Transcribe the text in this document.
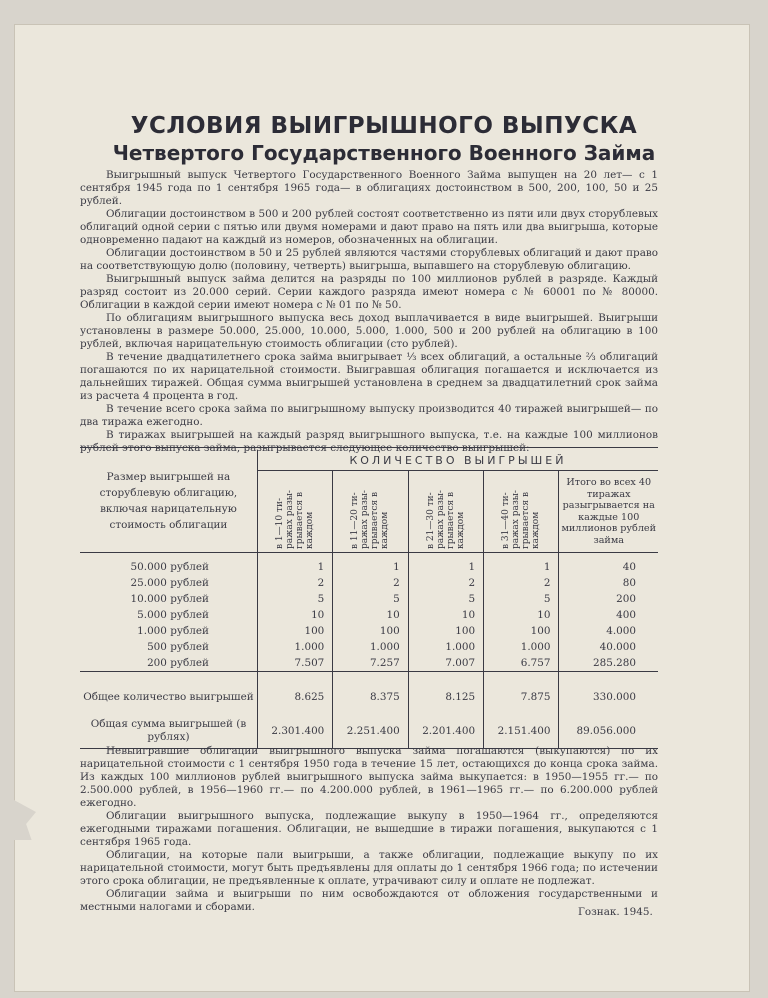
УСЛОВИЯ ВЫИГРЫШНОГО ВЫПУСКА
Четвертого Государственного Военного Займа

Выигрышный выпуск Четвертого Государственного Военного Займа выпущен на 20 лет— с 1 сентября 1945 года по 1 сентября 1965 года— в облигациях достоинством в 500, 200, 100, 50 и 25 рублей.

Облигации достоинством в 500 и 200 рублей состоят соответственно из пяти или двух сторублевых облигаций одной серии с пятью или двумя номерами и дают право на пять или два выигрыша, которые одновременно падают на каждый из номеров, обозначенных на облигации.

Облигации достоинством в 50 и 25 рублей являются частями сторублевых облигаций и дают право на соответствующую долю (половину, четверть) выигрыша, выпавшего на сторублевую облигацию.

Выигрышный выпуск займа делится на разряды по 100 миллионов рублей в разряде. Каждый разряд состоит из 20.000 серий. Серии каждого разряда имеют номера с № 60001 по № 80000. Облигации в каждой серии имеют номера с № 01 по № 50.

По облигациям выигрышного выпуска весь доход выплачивается в виде выигрышей. Выигрыши установлены в размере 50.000, 25.000, 10.000, 5.000, 1.000, 500 и 200 рублей на облигацию в 100 рублей, включая нарицательную стоимость облигации (сто рублей).

В течение двадцатилетнего срока займа выигрывает ⅓ всех облигаций, а остальные ⅔ облигаций погашаются по их нарицательной стоимости. Выигравшая облигация погашается и исключается из дальнейших тиражей. Общая сумма выигрышей установлена в среднем за двадцатилетний срок займа из расчета 4 процента в год.

В течение всего срока займа по выигрышному выпуску производится 40 тиражей выигрышей— по два тиража ежегодно.

В тиражах выигрышей на каждый разряд выигрышного выпуска, т.е. на каждые 100 миллионов рублей этого выпуска займа, разыгрывается следующее количество выигрышей:

Размер выигрышей на сторублевую облигацию, включая нарицательную стоимость облигации	КОЛИЧЕСТВО ВЫИГРЫШЕЙ				
	в 1—10 ти-ражах разы-грывается в каждом	в 11—20 ти-ражах разы-грывается в каждом	в 21—30 ти-ражах разы-грывается в каждом	в 31—40 ти-ражах разы-грывается в каждом	Итого во всех 40 тиражах разыгрывается на каждые 100 миллионов рублей займа

50.000 рублей	1	1	1	1	40
25.000 рублей	2	2	2	2	80
10.000 рублей	5	5	5	5	200
5.000 рублей	10	10	10	10	400
1.000 рублей	100	100	100	100	4.000
500 рублей	1.000	1.000	1.000	1.000	40.000
200 рублей	7.507	7.257	7.007	6.757	285.280

Общее количество выигрышей	8.625	8.375	8.125	7.875	330.000
Общая сумма выигрышей (в рублях)	2.301.400	2.251.400	2.201.400	2.151.400	89.056.000

Невыигравшие облигации выигрышного выпуска займа погашаются (выкупаются) по их нарицательной стоимости с 1 сентября 1950 года в течение 15 лет, остающихся до конца срока займа. Из каждых 100 миллионов рублей выигрышного выпуска займа выкупается: в 1950—1955 гг.— по 2.500.000 рублей, в 1956—1960 гг.— по 4.200.000 рублей, в 1961—1965 гг.— по 6.200.000 рублей ежегодно.

Облигации выигрышного выпуска, подлежащие выкупу в 1950—1964 гг., определяются ежегодными тиражами погашения. Облигации, не вышедшие в тиражи погашения, выкупаются с 1 сентября 1965 года.

Облигации, на которые пали выигрыши, а также облигации, подлежащие выкупу по их нарицательной стоимости, могут быть предъявлены для оплаты до 1 сентября 1966 года; по истечении этого срока облигации, не предъявленные к оплате, утрачивают силу и оплате не подлежат.

Облигации займа и выигрыши по ним освобождаются от обложения государственными и местными налогами и сборами.	Гознак. 1945.
